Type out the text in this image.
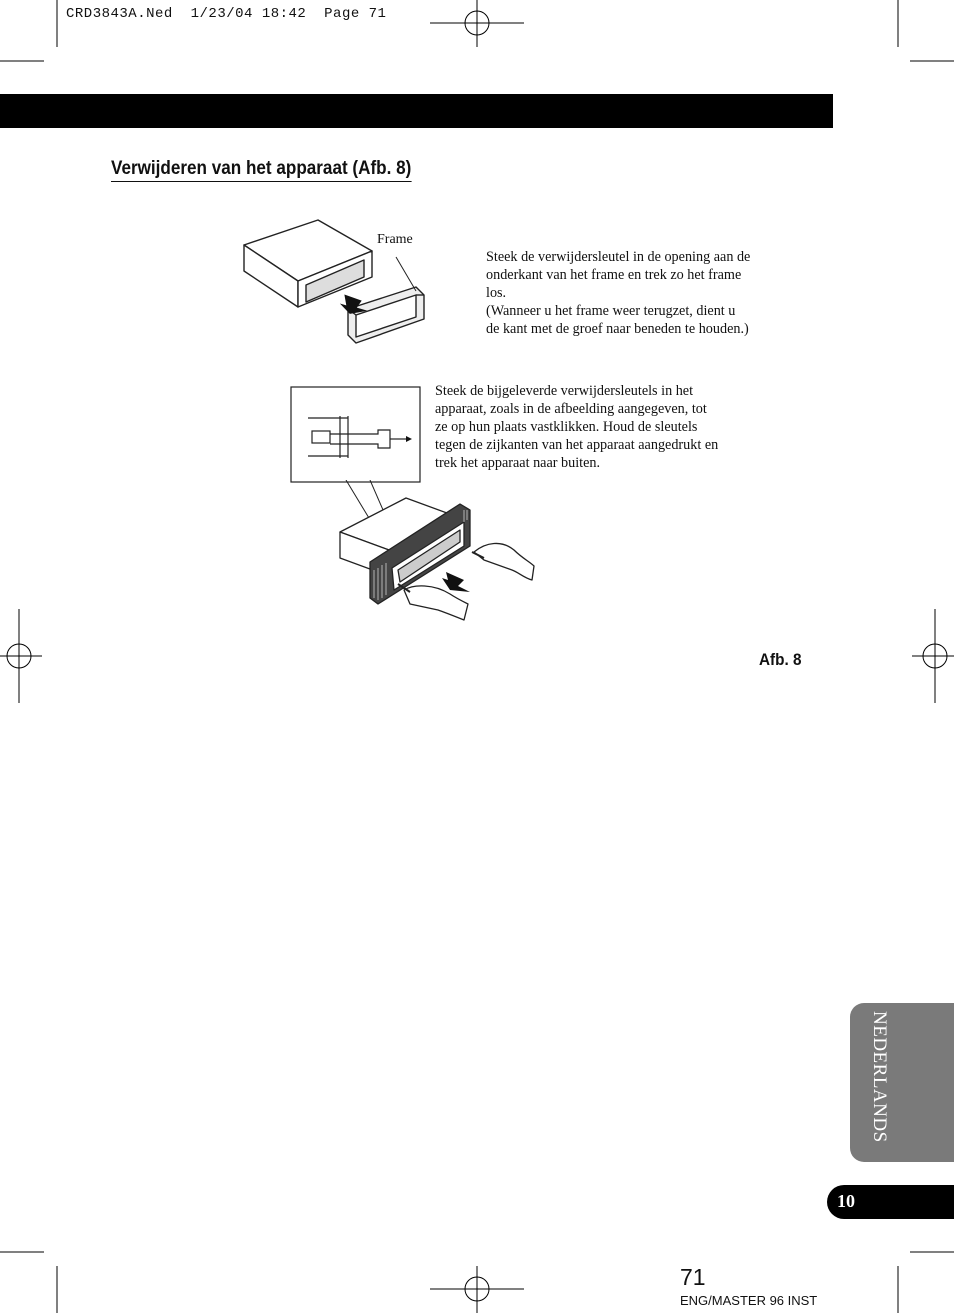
CRD3843A.Ned  1/23/04 18:42  Page 71
Verwijderen van het apparaat (Afb. 8)
Frame
Steek de verwijdersleutel in de opening aan de
onderkant van het frame en trek zo het frame
los.
(Wanneer u het frame weer terugzet, dient u
de kant met de groef naar beneden te houden.)
Steek de bijgeleverde verwijdersleutels in het
apparaat, zoals in de afbeelding aangegeven, tot
ze op hun plaats vastklikken. Houd de sleutels
tegen de zijkanten van het apparaat aangedrukt en
trek het apparaat naar buiten.
Afb. 8
NEDERLANDS
10
71
ENG/MASTER 96 INST
